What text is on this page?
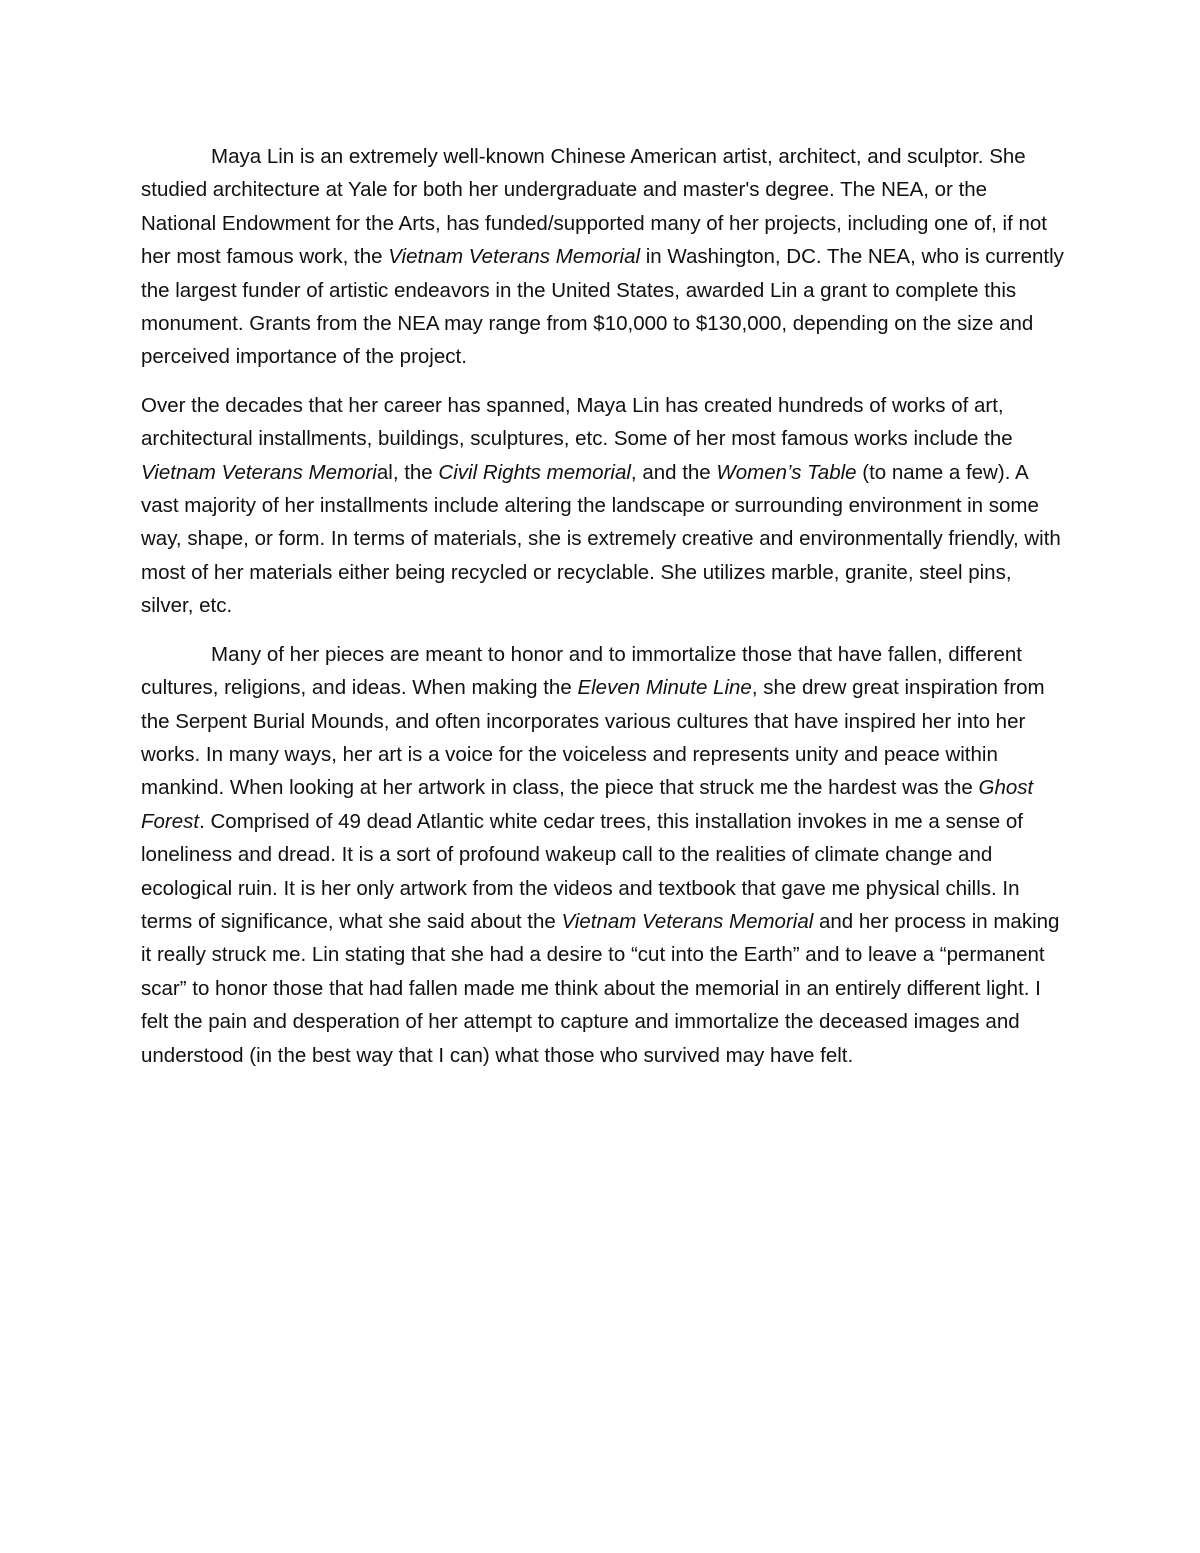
Maya Lin is an extremely well-known Chinese American artist, architect, and sculptor. She studied architecture at Yale for both her undergraduate and master's degree. The NEA, or the National Endowment for the Arts, has funded/supported many of her projects, including one of, if not her most famous work, the Vietnam Veterans Memorial in Washington, DC. The NEA, who is currently the largest funder of artistic endeavors in the United States, awarded Lin a grant to complete this monument. Grants from the NEA may range from $10,000 to $130,000, depending on the size and perceived importance of the project.

Over the decades that her career has spanned, Maya Lin has created hundreds of works of art, architectural installments, buildings, sculptures, etc. Some of her most famous works include the Vietnam Veterans Memorial, the Civil Rights memorial, and the Women’s Table (to name a few). A vast majority of her installments include altering the landscape or surrounding environment in some way, shape, or form. In terms of materials, she is extremely creative and environmentally friendly, with most of her materials either being recycled or recyclable. She utilizes marble, granite, steel pins, silver, etc.

Many of her pieces are meant to honor and to immortalize those that have fallen, different cultures, religions, and ideas. When making the Eleven Minute Line, she drew great inspiration from the Serpent Burial Mounds, and often incorporates various cultures that have inspired her into her works. In many ways, her art is a voice for the voiceless and represents unity and peace within mankind. When looking at her artwork in class, the piece that struck me the hardest was the Ghost Forest. Comprised of 49 dead Atlantic white cedar trees, this installation invokes in me a sense of loneliness and dread. It is a sort of profound wakeup call to the realities of climate change and ecological ruin. It is her only artwork from the videos and textbook that gave me physical chills. In terms of significance, what she said about the Vietnam Veterans Memorial and her process in making it really struck me. Lin stating that she had a desire to “cut into the Earth” and to leave a “permanent scar” to honor those that had fallen made me think about the memorial in an entirely different light. I felt the pain and desperation of her attempt to capture and immortalize the deceased images and understood (in the best way that I can) what those who survived may have felt.
